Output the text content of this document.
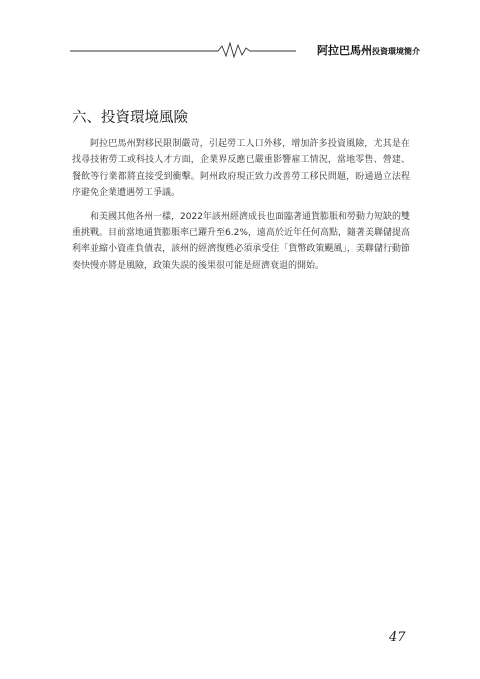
阿拉巴馬州投資環境簡介
六、投資環境風險

阿拉巴馬州對移民限制嚴苛，引起勞工人口外移，增加許多投資風險，尤其是在找尋技術勞工或科技人才方面，企業界反應已嚴重影響雇工情況，當地零售、營建、餐飲等行業都將直接受到衝擊。阿州政府現正致力改善勞工移民問題，盼通過立法程序避免企業遭遇勞工爭議。

和美國其他各州一樣，2022年該州經濟成長也面臨著通貨膨脹和勞動力短缺的雙重挑戰。目前當地通貨膨脹率已躍升至6.2%，遠高於近年任何高點，隨著美聯儲提高利率並縮小資產負債表，該州的經濟復甦必須承受住「貨幣政策颶風」，美聯儲行動節奏快慢亦將是風險，政策失誤的後果很可能是經濟衰退的開始。

47
